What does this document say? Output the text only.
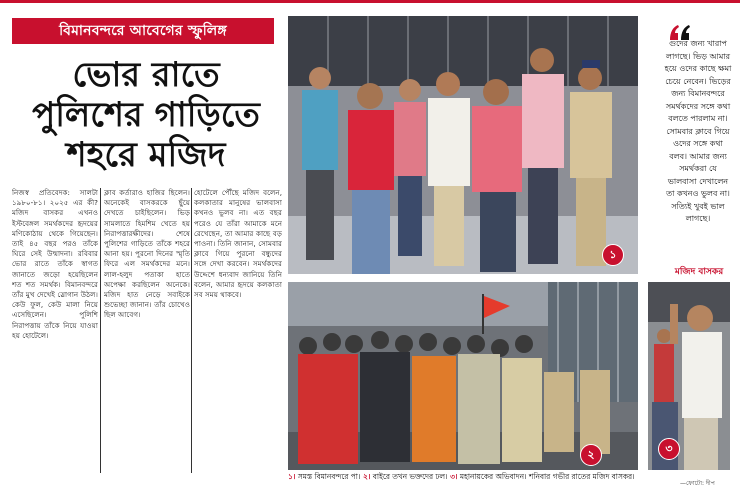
বিমানবন্দরে আবেগের স্ফুলিঙ্গ
ভোর রাতে
পুলিশের গাড়িতে
শহরে মজিদ
নিজস্ব প্রতিবেদক: সালটা ১৯৮০-৮১। ২০২৫ এর কী? মজিদ বাসকর এখনও ইস্টবেঙ্গল সমর্থকদের হৃদয়ের মণিকোঠায় থেকে গিয়েছেন। তাই ৪৫ বছর পরও তাঁকে ঘিরে সেই উন্মাদনা। রবিবার ভোর রাতে তাঁকে স্বাগত জানাতে জড়ো হয়েছিলেন শত শত সমর্থক। বিমানবন্দরে তাঁর মুখ দেখেই স্লোগান উঠল। কেউ ফুল, কেউ মালা নিয়ে এসেছিলেন। পুলিশি নিরাপত্তায় তাঁকে নিয়ে যাওয়া হয় হোটেলে।
ক্লাব কর্তারাও হাজির ছিলেন। অনেকেই বাসকরকে ছুঁয়ে দেখতে চাইছিলেন। ভিড় সামলাতে হিমশিম খেতে হয় নিরাপত্তারক্ষীদের। শেষে পুলিশের গাড়িতে তাঁকে শহরে আনা হয়। পুরনো দিনের স্মৃতি ফিরে এল সমর্থকদের মনে। লাল-হলুদ পতাকা হাতে অপেক্ষা করছিলেন অনেকে। মজিদ হাত নেড়ে সবাইকে শুভেচ্ছা জানান। তাঁর চোখেও ছিল আবেগ।
হোটেলে পৌঁছে মজিদ বলেন, কলকাতার মানুষের ভালবাসা কখনও ভুলব না। এত বছর পরেও যে তাঁরা আমাকে মনে রেখেছেন, তা আমার কাছে বড় পাওনা। তিনি জানান, সোমবার ক্লাবে গিয়ে পুরনো বন্ধুদের সঙ্গে দেখা করবেন। সমর্থকদের উদ্দেশে ধন্যবাদ জানিয়ে তিনি বলেন, আমার হৃদয়ে কলকাতা সব সময় থাকবে।
১
২	৩
গুদের জন্য খারাপ লাগছে। ভিড় আমার হয়ে ওদের কাছে ক্ষমা চেয়ে নেবেন। ভিড়ের জন্য বিমানবন্দরে সমর্থকদের সঙ্গে কথা বলতে পারলাম না। সোমবার ক্লাবে গিয়ে ওদের সঙ্গে কথা বলব। আমার জন্য সমর্থকরা যে ভালবাসা দেখালেন তা কখনও ভুলব না। সত্যিই খুবই ভাল লাগছে।
মজিদ বাসকর
১। সমস্ত বিমানবন্দরে পা। ২। বাইরে তখন ভক্তদের ঢল। ৩। মহানায়কের অভিবাদন। শনিবার গভীর রাতের মজিদ বাসকর।
—ফোটো: দীপ
